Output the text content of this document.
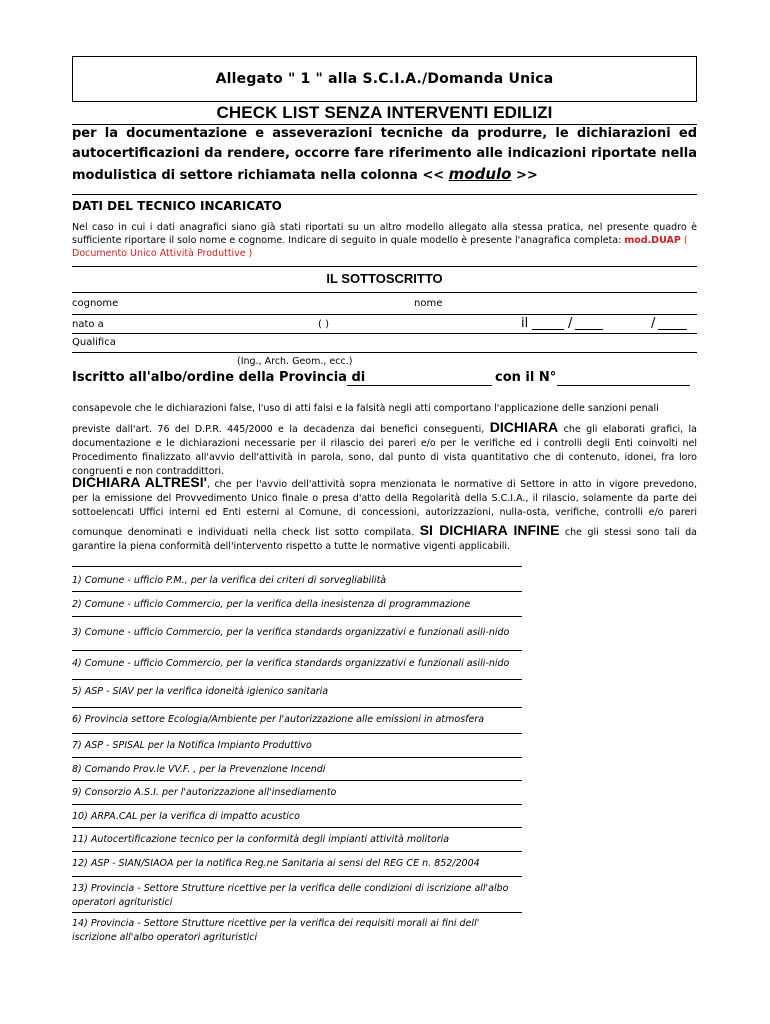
Allegato " 1 " alla S.C.I.A./Domanda Unica
CHECK LIST SENZA INTERVENTI EDILIZI
per la documentazione e asseverazioni tecniche da produrre, le dichiarazioni ed
autocertificazioni da rendere, occorre fare riferimento alle indicazioni riportate nella
modulistica di settore richiamata nella colonna << modulo >>
DATI DEL TECNICO INCARICATO
Nel caso in cui i dati anagrafici siano già stati riportati su un altro modello allegato alla stessa pratica, nel presente quadro è sufficiente riportare il solo nome e cognome. Indicare di seguito in quale modello è presente l'anagrafica completa: mod.DUAP (
Documento Unico Attività Produttive )
IL SOTTOSCRITTO
cognome	nome
nato a	( )	il	/	/
Qualifica
(Ing., Arch. Geom., ecc.)
Iscritto all'albo/ordine della Provincia di	con il N°
consapevole che le dichiarazioni false, l'uso di atti falsi e la falsità negli atti comportano l'applicazione delle sanzioni penali
previste dall'art. 76 del D.P.R. 445/2000 e la decadenza dai benefici conseguenti, DICHIARA che gli elaborati grafici, la
documentazione e le dichiarazioni necessarie per il rilascio dei pareri e/o per le verifiche ed i controlli degli Enti coinvolti nel Procedimento finalizzato all'avvio dell'attività in parola, sono, dal punto di vista quantitativo che di contenuto, idonei, fra loro congruenti e non contraddittori.
DICHIARA ALTRESI', che per l'avvio dell'attività sopra menzionata le normative di Settore in atto in vigore prevedono,
per la emissione del Provvedimento Unico finale o presa d'atto della Regolarità della S.C.I.A., il rilascio, solamente da parte dei sottoelencati Uffici interni ed Enti esterni al Comune, di concessioni, autorizzazioni, nulla-osta, verifiche, controlli e/o pareri
comunque denominati e individuati nella check list sotto compilata. SI DICHIARA INFINE che gli stessi sono tali da
garantire la piena conformità dell'intervento rispetto a tutte le normative vigenti applicabili.
1) Comune - ufficio P.M., per la verifica dei criteri di sorvegliabilità
2) Comune - ufficio Commercio, per la verifica della inesistenza di programmazione
3) Comune - ufficio Commercio, per la verifica standards organizzativi e funzionali asili-nido
4) Comune - ufficio Commercio, per la verifica standards organizzativi e funzionali asili-nido
5) ASP - SIAV per la verifica idoneità igienico sanitaria
6) Provincia settore Ecologia/Ambiente per l'autorizzazione alle emissioni in atmosfera
7) ASP - SPISAL per la Notifica Impianto Produttivo
8) Comando Prov.le VV.F. , per la Prevenzione Incendi
9) Consorzio A.S.I. per l'autorizzazione all'insediamento
10) ARPA.CAL per la verifica di impatto acustico
11) Autocertificazione tecnico per la conformità degli impianti attività molitoria
12) ASP - SIAN/SIAOA per la notifica Reg.ne Sanitaria ai sensi del REG CE n. 852/2004
13) Provincia - Settore Strutture ricettive per la verifica delle condizioni di iscrizione all'albo operatori agrituristici
14) Provincia - Settore Strutture ricettive per la verifica dei requisiti morali ai fini dell' iscrizione all'albo operatori agrituristici
